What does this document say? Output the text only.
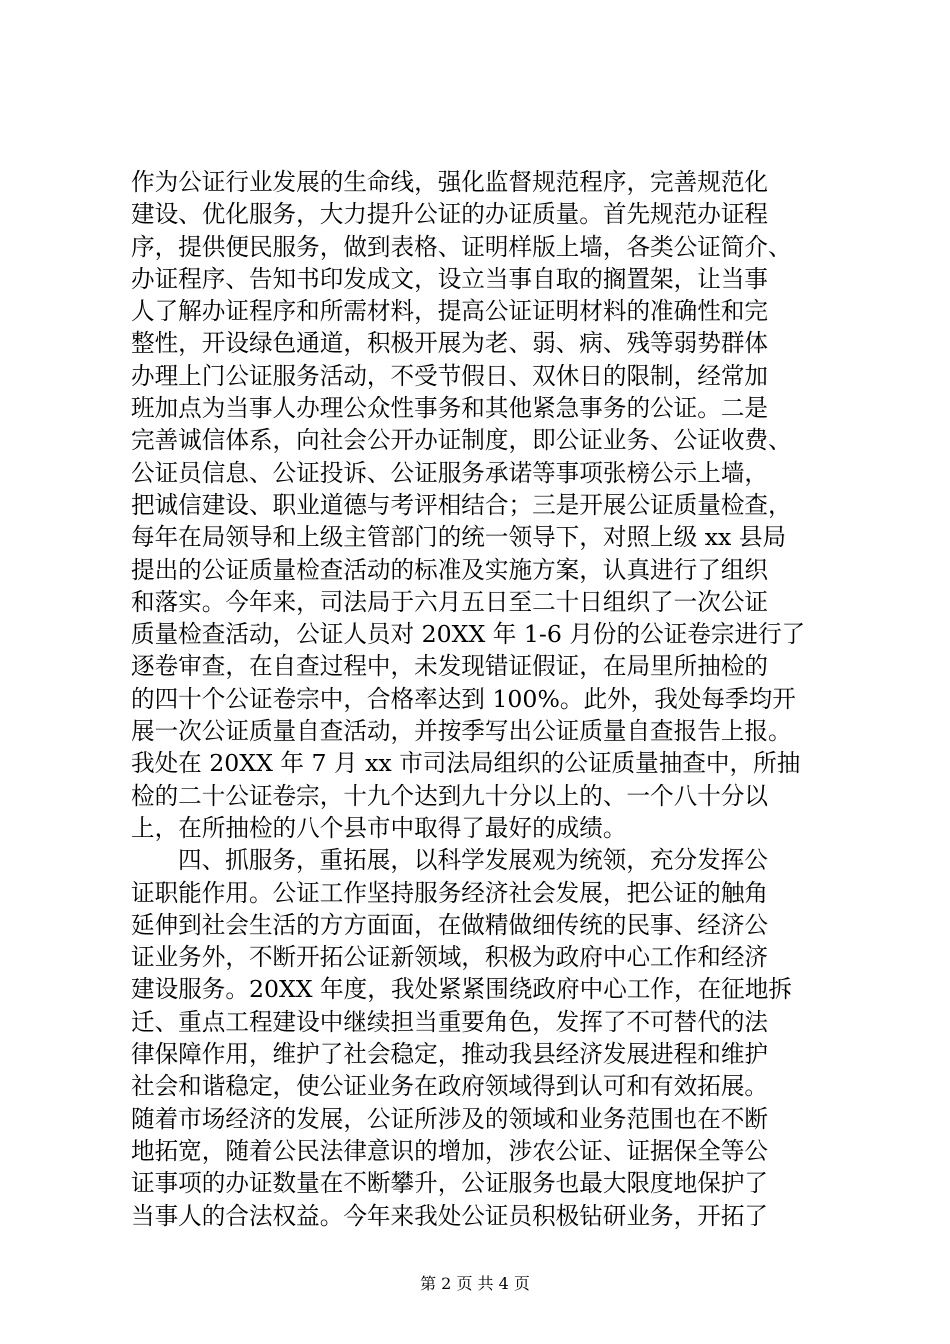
作为公证行业发展的生命线，强化监督规范程序，完善规范化
建设、优化服务，大力提升公证的办证质量。首先规范办证程
序，提供便民服务，做到表格、证明样版上墙，各类公证简介、
办证程序、告知书印发成文，设立当事自取的搁置架，让当事
人了解办证程序和所需材料，提高公证证明材料的准确性和完
整性，开设绿色通道，积极开展为老、弱、病、残等弱势群体
办理上门公证服务活动，不受节假日、双休日的限制，经常加
班加点为当事人办理公众性事务和其他紧急事务的公证。二是
完善诚信体系，向社会公开办证制度，即公证业务、公证收费、
公证员信息、公证投诉、公证服务承诺等事项张榜公示上墙，
把诚信建设、职业道德与考评相结合；三是开展公证质量检查，
每年在局领导和上级主管部门的统一领导下，对照上级 xx 县局
提出的公证质量检查活动的标准及实施方案，认真进行了组织
和落实。今年来，司法局于六月五日至二十日组织了一次公证
质量检查活动，公证人员对 20XX 年 1-6 月份的公证卷宗进行了
逐卷审查，在自查过程中，未发现错证假证，在局里所抽检的
的四十个公证卷宗中，合格率达到 100%。此外，我处每季均开
展一次公证质量自查活动，并按季写出公证质量自查报告上报。
我处在 20XX 年 7 月 xx 市司法局组织的公证质量抽查中，所抽
检的二十公证卷宗，十九个达到九十分以上的、一个八十分以
上，在所抽检的八个县市中取得了最好的成绩。
四、抓服务，重拓展，以科学发展观为统领，充分发挥公
证职能作用。公证工作坚持服务经济社会发展，把公证的触角
延伸到社会生活的方方面面，在做精做细传统的民事、经济公
证业务外，不断开拓公证新领域，积极为政府中心工作和经济
建设服务。20XX 年度，我处紧紧围绕政府中心工作，在征地拆
迁、重点工程建设中继续担当重要角色，发挥了不可替代的法
律保障作用，维护了社会稳定，推动我县经济发展进程和维护
社会和谐稳定，使公证业务在政府领域得到认可和有效拓展。
随着市场经济的发展，公证所涉及的领域和业务范围也在不断
地拓宽，随着公民法律意识的增加，涉农公证、证据保全等公
证事项的办证数量在不断攀升，公证服务也最大限度地保护了
当事人的合法权益。今年来我处公证员积极钻研业务，开拓了
第 2 页 共 4 页
